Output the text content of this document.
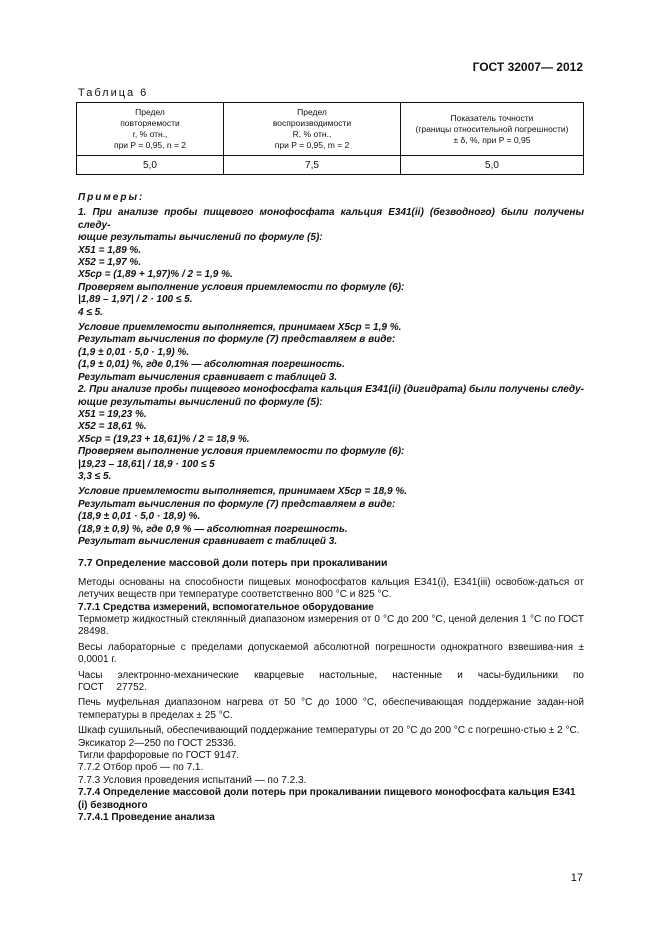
ГОСТ 32007— 2012
Таблица 6
Предел
повторяемости
r, % отн.,
при P = 0,95, n = 2	Предел
воспроизводимости
R, % отн.,
при P = 0,95, m = 2	Показатель точности
(границы относительной погрешности)
± δ, %, при P = 0,95

5,0	7,5	5,0

Примеры:

1. При анализе пробы пищевого монофосфата кальция E341(ii) (безводного) были получены следу-

ющие результаты вычислений по формуле (5):

X51 = 1,89 %.

X52 = 1,97 %.

X5ср = (1,89 + 1,97)% / 2 = 1,9 %.

Проверяем выполнение условия приемлемости по формуле (6):

|1,89 – 1,97| / 2 · 100 ≤ 5.

4 ≤ 5.

Условие приемлемости выполняется, принимаем X5ср = 1,9 %.

Результат вычисления по формуле (7) представляем в виде:

(1,9 ± 0,01 · 5,0 · 1,9) %.

(1,9 ± 0,01) %, где 0,1% — абсолютная погрешность.

Результат вычисления сравнивает с таблицей 3.

2. При анализе пробы пищевого монофосфата кальция E341(ii) (дигидрата) были получены следу-

ющие результаты вычислений по формуле (5):

X51 = 19,23 %.

X52 = 18,61 %.

X5ср = (19,23 + 18,61)% / 2 = 18,9 %.

Проверяем выполнение условия приемлемости по формуле (6):

|19,23 – 18,61| / 18,9 · 100 ≤ 5

3,3 ≤ 5.

Условие приемлемости выполняется, принимаем X5ср = 18,9 %.

Результат вычисления по формуле (7) представляем в виде:

(18,9 ± 0,01 · 5,0 · 18,9) %.

(18,9 ± 0,9) %, где 0,9 % — абсолютная погрешность.

Результат вычисления сравнивает с таблицей 3.

7.7 Определение массовой доли потерь при прокаливании

Методы основаны на способности пищевых монофосфатов кальция E341(i), E341(iii) освобож-даться от летучих веществ при температуре соответственно 800 °С и 825 °С.

7.7.1 Средства измерений, вспомогательное оборудование

Термометр жидкостный стеклянный диапазоном измерения от 0 °С до 200 °С, ценой деления 1 °С по ГОСТ 28498.

Весы лабораторные с пределами допускаемой абсолютной погрешности однократного взвешива-ния ± 0,0001 г.

Часы электронно-механические кварцевые настольные, настенные и часы-будильники по ГОСТ 27752.

Печь муфельная диапазоном нагрева от 50 °С до 1000 °С, обеспечивающая поддержание задан-ной температуры в пределах ± 25 °С.

Шкаф сушильный, обеспечивающий поддержание температуры от 20 °С до 200 °С с погрешно-стью ± 2 °С.

Эксикатор 2—250 по ГОСТ 25336.

Тигли фарфоровые по ГОСТ 9147.

7.7.2 Отбор проб — по 7.1.

7.7.3 Условия проведения испытаний — по 7.2.3.

7.7.4 Определение массовой доли потерь при прокаливании пищевого монофосфата кальция E341 (i) безводного

7.7.4.1 Проведение анализа

17
